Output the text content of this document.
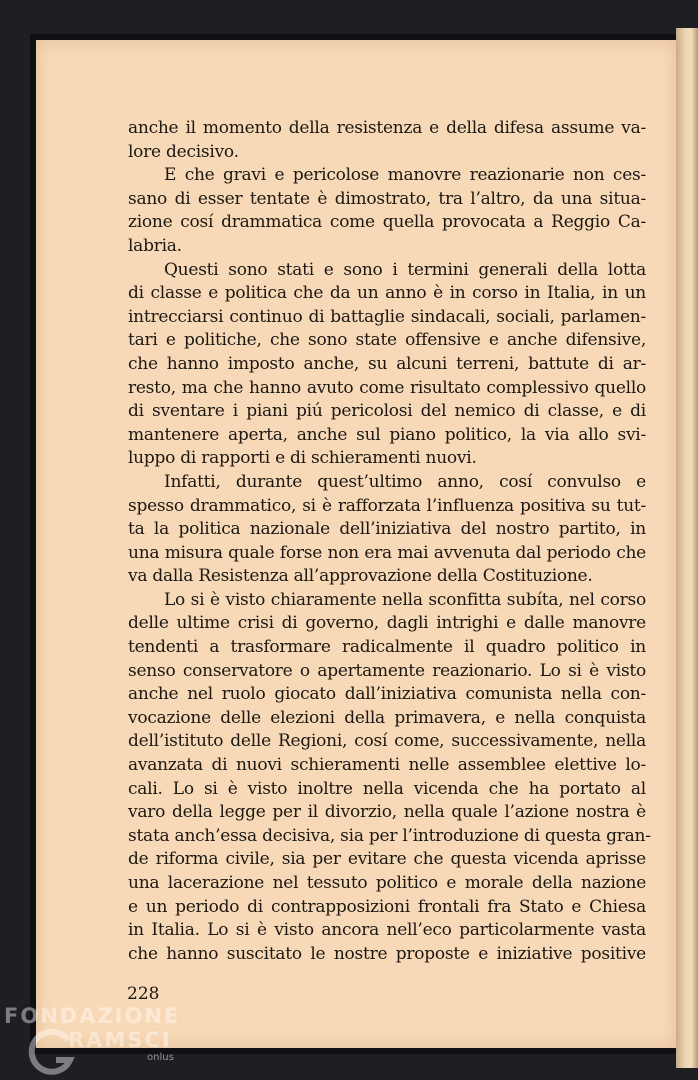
anche il momento della resistenza e della difesa assume va-
lore decisivo.
E che gravi e pericolose manovre reazionarie non ces-
sano di esser tentate è dimostrato, tra l’altro, da una situa-
zione cosí drammatica come quella provocata a Reggio Ca-
labria.
Questi sono stati e sono i termini generali della lotta
di classe e politica che da un anno è in corso in Italia, in un
intrecciarsi continuo di battaglie sindacali, sociali, parlamen-
tari e politiche, che sono state offensive e anche difensive,
che hanno imposto anche, su alcuni terreni, battute di ar-
resto, ma che hanno avuto come risultato complessivo quello
di sventare i piani piú pericolosi del nemico di classe, e di
mantenere aperta, anche sul piano politico, la via allo svi-
luppo di rapporti e di schieramenti nuovi.
Infatti, durante quest’ultimo anno, cosí convulso e
spesso drammatico, si è rafforzata l’influenza positiva su tut-
ta la politica nazionale dell’iniziativa del nostro partito, in
una misura quale forse non era mai avvenuta dal periodo che
va dalla Resistenza all’approvazione della Costituzione.
Lo si è visto chiaramente nella sconfitta subíta, nel corso
delle ultime crisi di governo, dagli intrighi e dalle manovre
tendenti a trasformare radicalmente il quadro politico in
senso conservatore o apertamente reazionario. Lo si è visto
anche nel ruolo giocato dall’iniziativa comunista nella con-
vocazione delle elezioni della primavera, e nella conquista
dell’istituto delle Regioni, cosí come, successivamente, nella
avanzata di nuovi schieramenti nelle assemblee elettive lo-
cali. Lo si è visto inoltre nella vicenda che ha portato al
varo della legge per il divorzio, nella quale l’azione nostra è
stata anch’essa decisiva, sia per l’introduzione di questa gran-
de riforma civile, sia per evitare che questa vicenda aprisse
una lacerazione nel tessuto politico e morale della nazione
e un periodo di contrapposizioni frontali fra Stato e Chiesa
in Italia. Lo si è visto ancora nell’eco particolarmente vasta
che hanno suscitato le nostre proposte e iniziative positive
228
FONDAZIONE
RAMSCI
onlus
